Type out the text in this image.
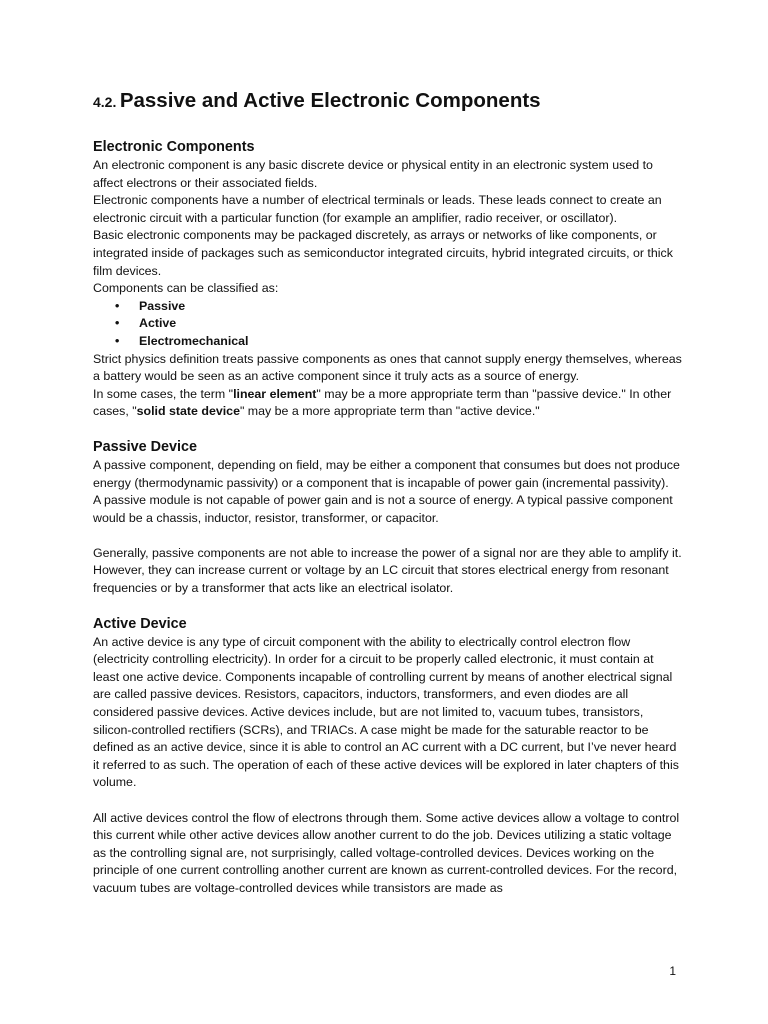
4.2. Passive and Active Electronic Components
Electronic Components

An electronic component is any basic discrete device or physical entity in an electronic system used to affect electrons or their associated fields.

Electronic components have a number of electrical terminals or leads. These leads connect to create an electronic circuit with a particular function (for example an amplifier, radio receiver, or oscillator).

Basic electronic components may be packaged discretely, as arrays or networks of like components, or integrated inside of packages such as semiconductor integrated circuits, hybrid integrated circuits, or thick film devices.

Components can be classified as:

• Passive
• Active
• Electromechanical

Strict physics definition treats passive components as ones that cannot supply energy themselves, whereas a battery would be seen as an active component since it truly acts as a source of energy.

In some cases, the term "linear element" may be a more appropriate term than "passive device." In other cases, "solid state device" may be a more appropriate term than "active device."

Passive Device

A passive component, depending on field, may be either a component that consumes but does not produce energy (thermodynamic passivity) or a component that is incapable of power gain (incremental passivity).

A passive module is not capable of power gain and is not a source of energy. A typical passive component would be a chassis, inductor, resistor, transformer, or capacitor.

Generally, passive components are not able to increase the power of a signal nor are they able to amplify it. However, they can increase current or voltage by an LC circuit that stores electrical energy from resonant frequencies or by a transformer that acts like an electrical isolator.

Active Device

An active device is any type of circuit component with the ability to electrically control electron flow (electricity controlling electricity). In order for a circuit to be properly called electronic, it must contain at least one active device. Components incapable of controlling current by means of another electrical signal are called passive devices. Resistors, capacitors, inductors, transformers, and even diodes are all considered passive devices. Active devices include, but are not limited to, vacuum tubes, transistors, silicon-controlled rectifiers (SCRs), and TRIACs. A case might be made for the saturable reactor to be defined as an active device, since it is able to control an AC current with a DC current, but I’ve never heard it referred to as such. The operation of each of these active devices will be explored in later chapters of this volume.

All active devices control the flow of electrons through them. Some active devices allow a voltage to control this current while other active devices allow another current to do the job. Devices utilizing a static voltage as the controlling signal are, not surprisingly, called voltage-controlled devices. Devices working on the principle of one current controlling another current are known as current-controlled devices. For the record, vacuum tubes are voltage-controlled devices while transistors are made as

1
